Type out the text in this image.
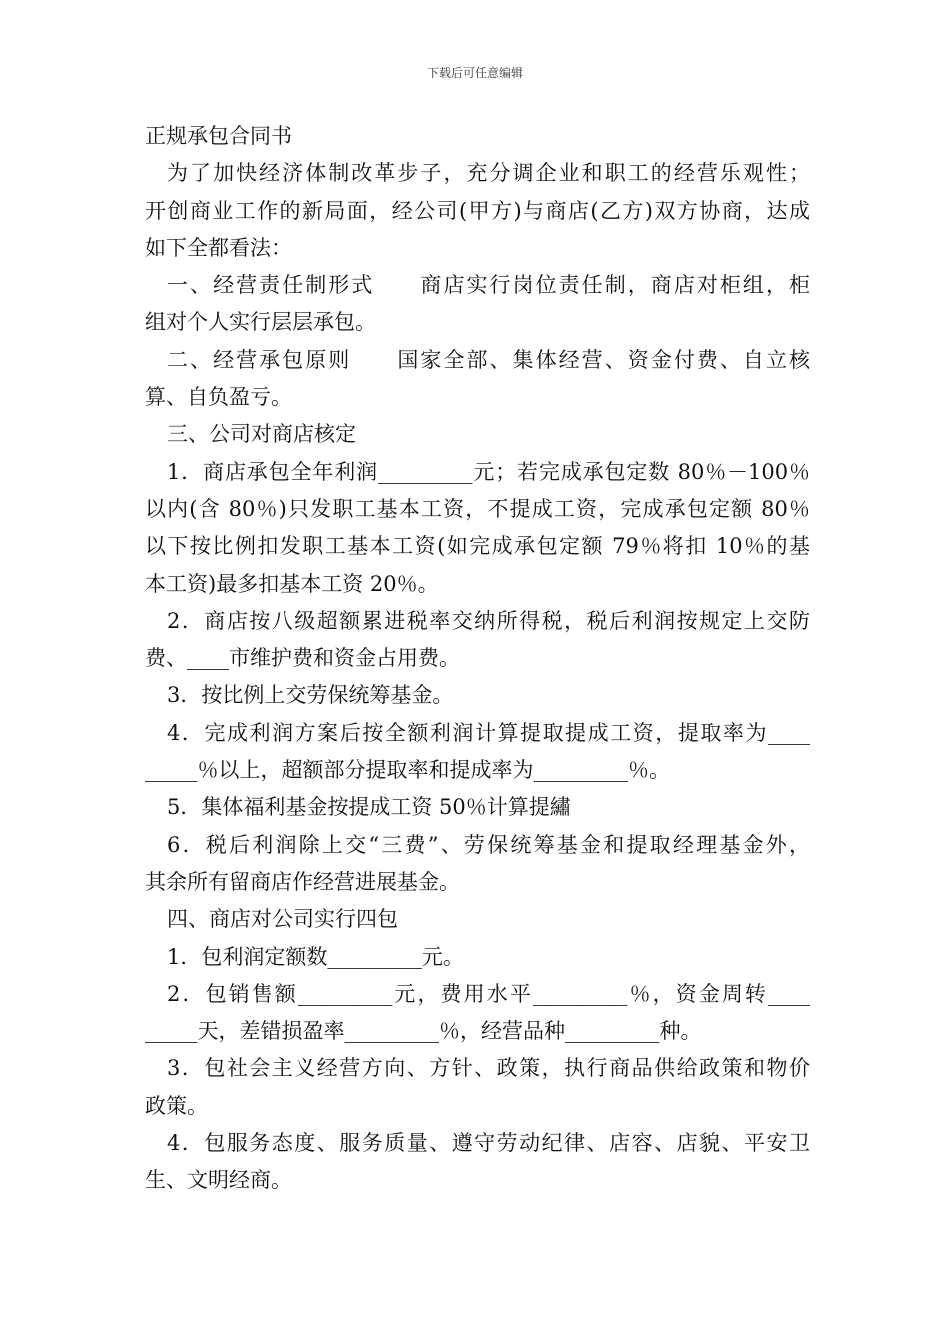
下载后可任意编辑
正规承包合同书
为了加快经济体制改革步子，充分调企业和职工的经营乐观性；
开创商业工作的新局面，经公司(甲方)与商店(乙方)双方协商，达成
如下全都看法：
一、经营责任制形式　　商店实行岗位责任制，商店对柜组，柜
组对个人实行层层承包。
二、经营承包原则　　国家全部、集体经营、资金付费、自立核
算、自负盈亏。
三、公司对商店核定
1．商店承包全年利润_________元；若完成承包定数 80％－100％
以内(含 80％)只发职工基本工资，不提成工资，完成承包定额 80％
以下按比例扣发职工基本工资(如完成承包定额 79％将扣 10％的基
本工资)最多扣基本工资 20％。
2．商店按八级超额累进税率交纳所得税，税后利润按规定上交防
费、____市维护费和资金占用费。
3．按比例上交劳保统筹基金。
4．完成利润方案后按全额利润计算提取提成工资，提取率为____
_____％以上，超额部分提取率和提成率为_________％。
5．集体福利基金按提成工资 50％计算提繡
6．税后利润除上交“三费”、劳保统筹基金和提取经理基金外，
其余所有留商店作经营进展基金。
四、商店对公司实行四包
1．包利润定额数_________元。
2．包销售额_________元，费用水平_________％，资金周转____
_____天，差错损盈率_________％，经营品种_________种。
3．包社会主义经营方向、方针、政策，执行商品供给政策和物价
政策。
4．包服务态度、服务质量、遵守劳动纪律、店容、店貌、平安卫
生、文明经商。
